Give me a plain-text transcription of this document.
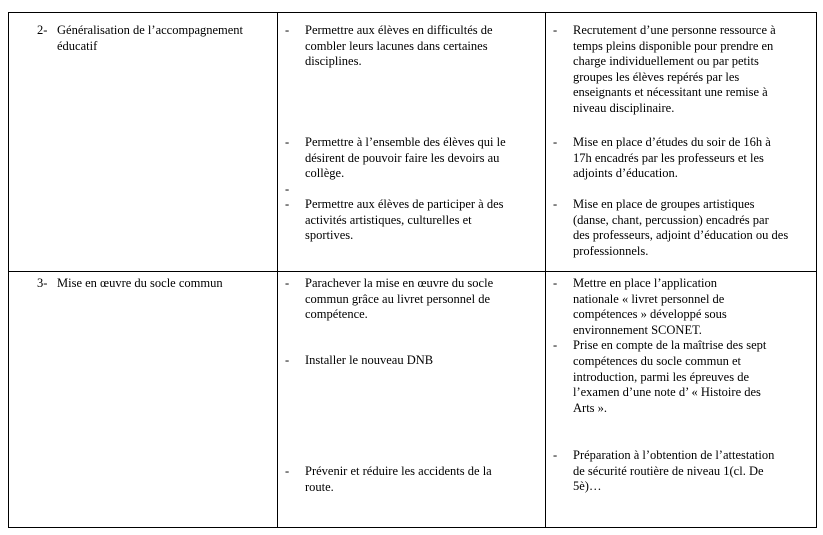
2- Généralisation de l’accompagnement
éducatif
- Permettre aux élèves en difficultés de
combler leurs lacunes dans certaines
disciplines.
- Permettre à l’ensemble des élèves qui le
désirent de pouvoir faire les devoirs au
collège.
-
- Permettre aux élèves de participer à des
activités artistiques, culturelles et
sportives.
- Recrutement d’une personne ressource à
temps pleins disponible pour prendre en
charge individuellement ou par petits
groupes les élèves repérés par les
enseignants et nécessitant une remise à
niveau disciplinaire.
- Mise en place d’études du soir de 16h à
17h encadrés par les professeurs et les
adjoints d’éducation.
- Mise en place de groupes artistiques
(danse, chant, percussion) encadrés par
des professeurs, adjoint d’éducation ou des
professionnels.
3- Mise en œuvre du socle commun	- Parachever la mise en œuvre du socle
commun grâce au livret personnel de
compétence.
- Installer le nouveau DNB
- Prévenir et réduire les accidents de la
route.
- Mettre en place l’application
nationale « livret personnel de
compétences » développé sous
environnement SCONET.
- Prise en compte de la maîtrise des sept
compétences du socle commun et
introduction, parmi les épreuves de
l’examen d’une note d’ « Histoire des
Arts ».
- Préparation à l’obtention de l’attestation
de sécurité routière de niveau 1(cl. De
5è)…
